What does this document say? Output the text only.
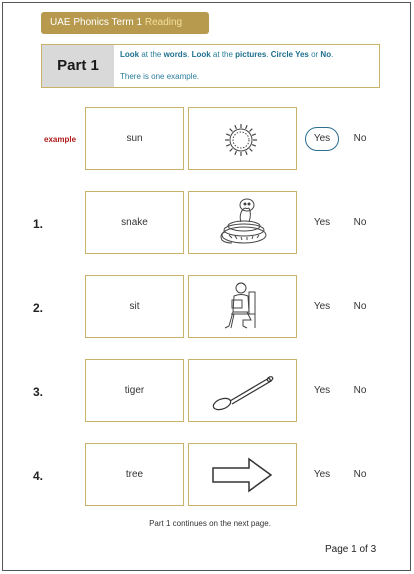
UAE Phonics Term 1 Reading
Part 1
Look at the words. Look at the pictures. Circle Yes or No.
There is one example.
example	sun	Yes	No
1.	snake	Yes	No
2.	sit	Yes	No
3.	tiger	Yes	No
4.	tree	Yes	No
Part 1 continues on the next page.
Page 1 of 3
